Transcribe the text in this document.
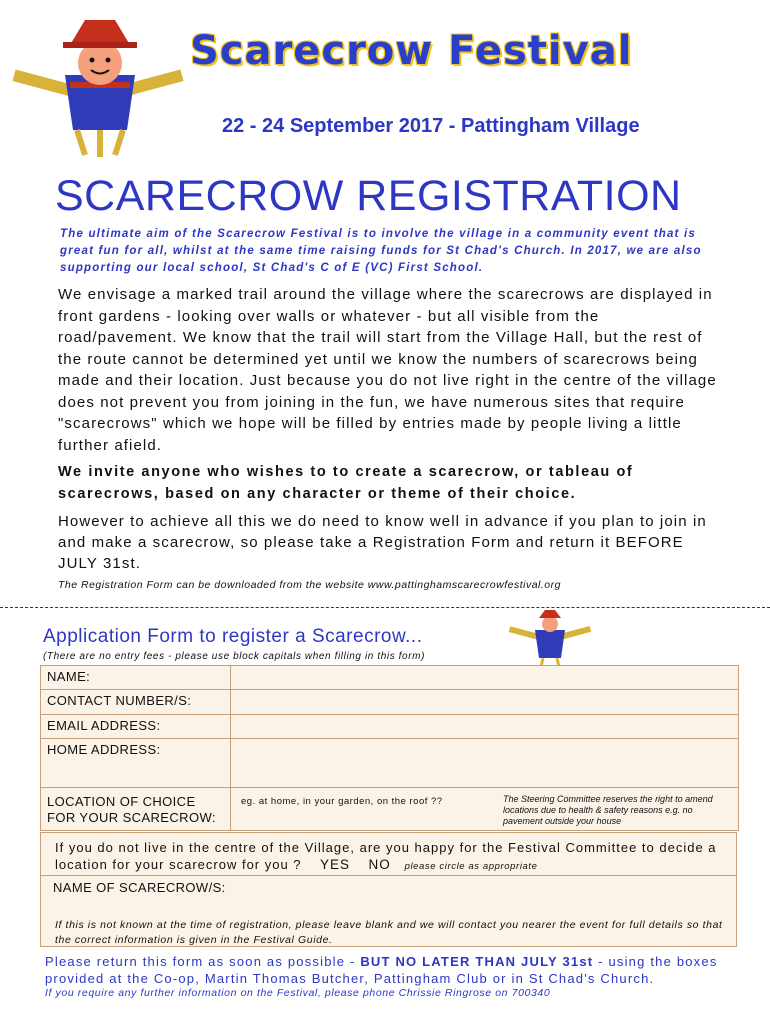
Scarecrow Festival
22 - 24 September 2017 - Pattingham Village
SCARECROW REGISTRATION
The ultimate aim of the Scarecrow Festival is to involve the village in a community event that is great fun for all, whilst at the same time raising funds for St Chad's Church. In 2017, we are also supporting our local school, St Chad's C of E (VC) First School.
We envisage a marked trail around the village where the scarecrows are displayed in front gardens - looking over walls or whatever - but all visible from the road/pavement. We know that the trail will start from the Village Hall, but the rest of the route cannot be determined yet until we know the numbers of scarecrows being made and their location. Just because you do not live right in the centre of the village does not prevent you from joining in the fun, we have numerous sites that require "scarecrows" which we hope will be filled by entries made by people living a little further afield.
We invite anyone who wishes to to create a scarecrow, or tableau of scarecrows, based on any character or theme of their choice.
However to achieve all this we do need to know well in advance if you plan to join in and make a scarecrow, so please take a Registration Form and return it BEFORE JULY 31st.
The Registration Form can be downloaded from the website www.pattinghamscarecrowfestival.org
Application Form to register a Scarecrow...
(There are no entry fees - please use block capitals when filling in this form)
NAME:
CONTACT NUMBER/S:
EMAIL ADDRESS:
HOME ADDRESS:
LOCATION OF CHOICE
FOR YOUR SCARECROW:
eg. at home, in your garden, on the roof ??	The Steering Committee reserves the right to amend locations due to health & safety reasons e.g. no pavement outside your house
If you do not live in the centre of the Village, are you happy for the Festival Committee to decide a location for your scarecrow for you ? YES NO please circle as appropriate
NAME OF SCARECROW/S:
If this is not known at the time of registration, please leave blank and we will contact you nearer the event for full details so that the correct information is given in the Festival Guide.
Please return this form as soon as possible - BUT NO LATER THAN JULY 31st - using the boxes provided at the Co-op, Martin Thomas Butcher, Pattingham Club or in St Chad's Church.
If you require any further information on the Festival, please phone Chrissie Ringrose on 700340
